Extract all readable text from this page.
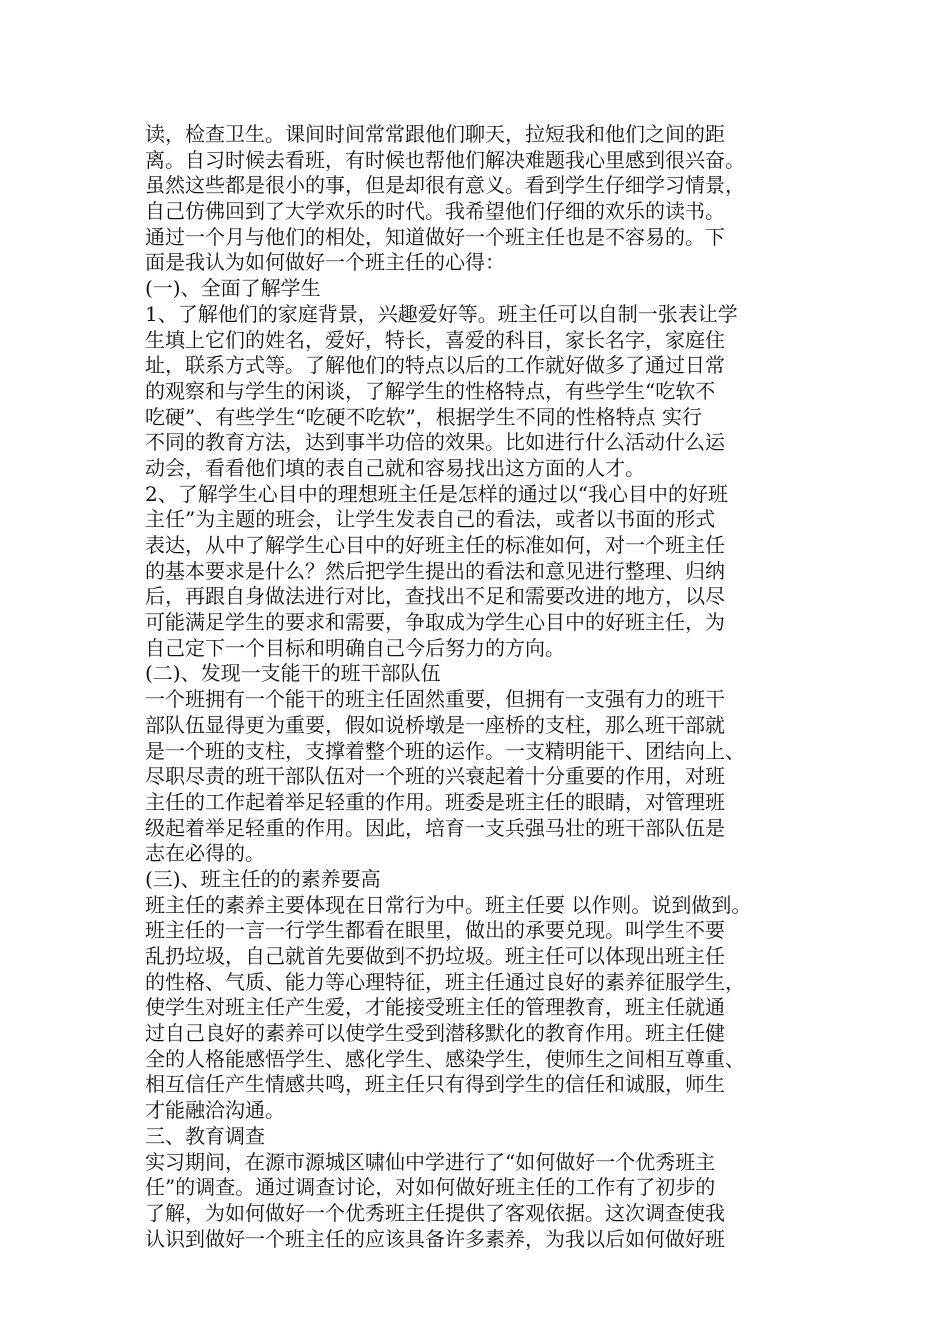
读，检查卫生。课间时间常常跟他们聊天，拉短我和他们之间的距
离。自习时候去看班，有时候也帮他们解决难题我心里感到很兴奋。
虽然这些都是很小的事，但是却很有意义。看到学生仔细学习情景，
自己仿佛回到了大学欢乐的时代。我希望他们仔细的欢乐的读书。
通过一个月与他们的相处，知道做好一个班主任也是不容易的。下
面是我认为如何做好一个班主任的心得：
(一)、全面了解学生
1、了解他们的家庭背景，兴趣爱好等。班主任可以自制一张表让学
生填上它们的姓名，爱好，特长，喜爱的科目，家长名字，家庭住
址，联系方式等。了解他们的特点以后的工作就好做多了通过日常
的观察和与学生的闲谈，了解学生的性格特点，有些学生“吃软不
吃硬”、有些学生“吃硬不吃软”，根据学生不同的性格特点 实行
不同的教育方法，达到事半功倍的效果。比如进行什么活动什么运
动会，看看他们填的表自己就和容易找出这方面的人才。
2、了解学生心目中的理想班主任是怎样的通过以“我心目中的好班
主任”为主题的班会，让学生发表自己的看法，或者以书面的形式
表达，从中了解学生心目中的好班主任的标准如何，对一个班主任
的基本要求是什么？然后把学生提出的看法和意见进行整理、归纳
后，再跟自身做法进行对比，查找出不足和需要改进的地方，以尽
可能满足学生的要求和需要，争取成为学生心目中的好班主任，为
自己定下一个目标和明确自己今后努力的方向。
(二)、发现一支能干的班干部队伍
一个班拥有一个能干的班主任固然重要，但拥有一支强有力的班干
部队伍显得更为重要，假如说桥墩是一座桥的支柱，那么班干部就
是一个班的支柱，支撑着整个班的运作。一支精明能干、团结向上、
尽职尽责的班干部队伍对一个班的兴衰起着十分重要的作用，对班
主任的工作起着举足轻重的作用。班委是班主任的眼睛，对管理班
级起着举足轻重的作用。因此，培育一支兵强马壮的班干部队伍是
志在必得的。
(三)、班主任的的素养要高
班主任的素养主要体现在日常行为中。班主任要 以作则。说到做到。
班主任的一言一行学生都看在眼里，做出的承要兑现。叫学生不要
乱扔垃圾，自己就首先要做到不扔垃圾。班主任可以体现出班主任
的性格、气质、能力等心理特征，班主任通过良好的素养征服学生，
使学生对班主任产生爱，才能接受班主任的管理教育，班主任就通
过自己良好的素养可以使学生受到潜移默化的教育作用。班主任健
全的人格能感悟学生、感化学生、感染学生，使师生之间相互尊重、
相互信任产生情感共鸣，班主任只有得到学生的信任和诚服，师生
才能融洽沟通。
三、教育调查
实习期间，在源市源城区啸仙中学进行了“如何做好一个优秀班主
任”的调查。通过调查讨论，对如何做好班主任的工作有了初步的
了解，为如何做好一个优秀班主任提供了客观依据。这次调查使我
认识到做好一个班主任的应该具备许多素养，为我以后如何做好班
